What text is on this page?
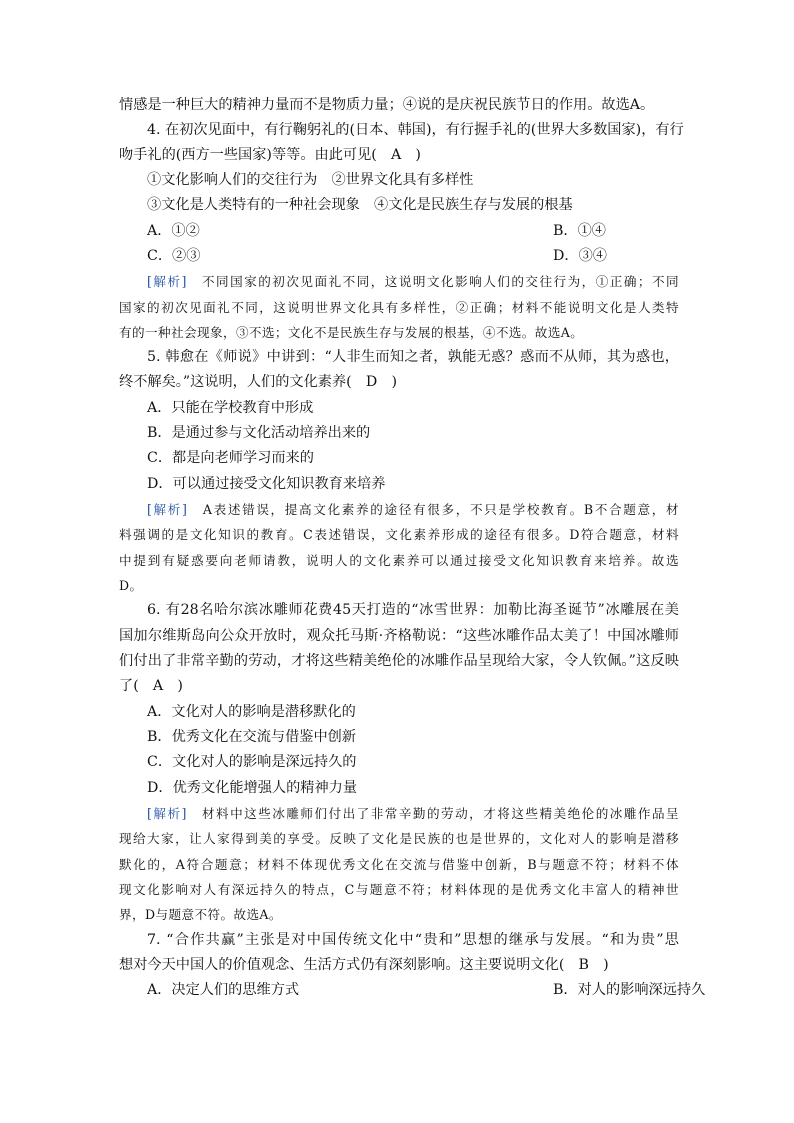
情感是一种巨大的精神力量而不是物质力量；④说的是庆祝民族节日的作用。故选A。
4. 在初次见面中，有行鞠躬礼的(日本、韩国)，有行握手礼的(世界大多数国家)，有行
吻手礼的(西方一些国家)等等。由此可见(　A　)
①文化影响人们的交往行为　②世界文化具有多样性
③文化是人类特有的一种社会现象　④文化是民族生存与发展的根基
A．①②	B．①④
C．②③	D．③④
[解析]　不同国家的初次见面礼不同，这说明文化影响人们的交往行为，①正确；不同
国家的初次见面礼不同，这说明世界文化具有多样性，②正确；材料不能说明文化是人类特
有的一种社会现象，③不选；文化不是民族生存与发展的根基，④不选。故选A。
5. 韩愈在《师说》中讲到：“人非生而知之者，孰能无惑？惑而不从师，其为惑也，
终不解矣。”这说明，人们的文化素养(　D　)
A．只能在学校教育中形成
B．是通过参与文化活动培养出来的
C．都是向老师学习而来的
D．可以通过接受文化知识教育来培养
[解析]　A表述错误，提高文化素养的途径有很多，不只是学校教育。B不合题意，材
料强调的是文化知识的教育。C表述错误，文化素养形成的途径有很多。D符合题意，材料
中提到有疑惑要向老师请教，说明人的文化素养可以通过接受文化知识教育来培养。故选
D。
6. 有28名哈尔滨冰雕师花费45天打造的“冰雪世界：加勒比海圣诞节”冰雕展在美
国加尔维斯岛向公众开放时，观众托马斯·齐格勒说：“这些冰雕作品太美了！中国冰雕师
们付出了非常辛勤的劳动，才将这些精美绝伦的冰雕作品呈现给大家，令人钦佩。”这反映
了(　A　)
A．文化对人的影响是潜移默化的
B．优秀文化在交流与借鉴中创新
C．文化对人的影响是深远持久的
D．优秀文化能增强人的精神力量
[解析]　材料中这些冰雕师们付出了非常辛勤的劳动，才将这些精美绝伦的冰雕作品呈
现给大家，让人家得到美的享受。反映了文化是民族的也是世界的，文化对人的影响是潜移
默化的，A符合题意；材料不体现优秀文化在交流与借鉴中创新，B与题意不符；材料不体
现文化影响对人有深远持久的特点，C与题意不符；材料体现的是优秀文化丰富人的精神世
界，D与题意不符。故选A。
7. “合作共赢”主张是对中国传统文化中“贵和”思想的继承与发展。“和为贵”思
想对今天中国人的价值观念、生活方式仍有深刻影响。这主要说明文化(　B　)
A．决定人们的思维方式	B．对人的影响深远持久
